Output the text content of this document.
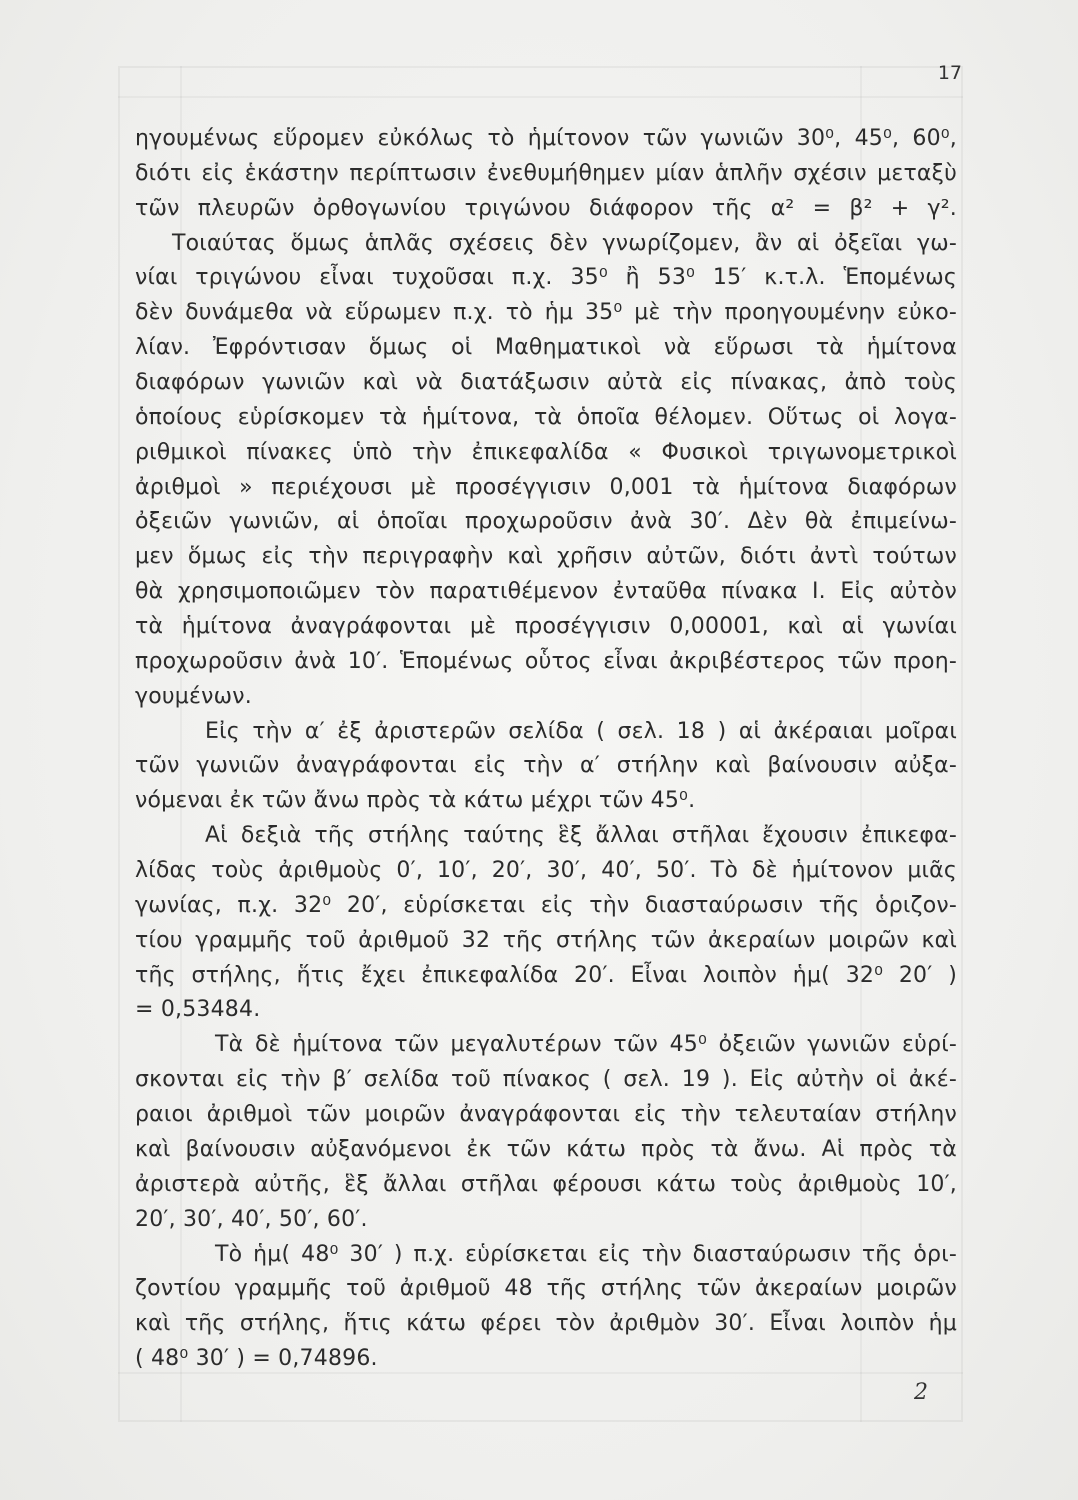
17
ηγουμένως εὕρομεν εὐκόλως τὸ ἡμίτονον τῶν γωνιῶν 30⁰, 45⁰, 60⁰,
διότι εἰς ἑκάστην περίπτωσιν ἐνεθυμήθημεν μίαν ἁπλῆν σχέσιν μεταξὺ
τῶν πλευρῶν ὀρθογωνίου τριγώνου διάφορον τῆς α² = β² + γ².
Τοιαύτας ὅμως ἁπλᾶς σχέσεις δὲν γνωρίζομεν, ἂν αἱ ὀξεῖαι γω-
νίαι τριγώνου εἶναι τυχοῦσαι π.χ. 35⁰ ἢ 53⁰ 15′ κ.τ.λ. Ἑπομένως
δὲν δυνάμεθα νὰ εὕρωμεν π.χ. τὸ ἡμ 35⁰ μὲ τὴν προηγουμένην εὐκο-
λίαν. Ἐφρόντισαν ὅμως οἱ Μαθηματικοὶ νὰ εὕρωσι τὰ ἡμίτονα
διαφόρων γωνιῶν καὶ νὰ διατάξωσιν αὐτὰ εἰς πίνακας, ἀπὸ τοὺς
ὁποίους εὑρίσκομεν τὰ ἡμίτονα, τὰ ὁποῖα θέλομεν. Οὕτως οἱ λογα-
ριθμικοὶ πίνακες ὑπὸ τὴν ἐπικεφαλίδα « Φυσικοὶ τριγωνομετρικοὶ
ἀριθμοὶ » περιέχουσι μὲ προσέγγισιν 0,001 τὰ ἡμίτονα διαφόρων
ὀξειῶν γωνιῶν, αἱ ὁποῖαι προχωροῦσιν ἀνὰ 30′. Δὲν θὰ ἐπιμείνω-
μεν ὅμως εἰς τὴν περιγραφὴν καὶ χρῆσιν αὐτῶν, διότι ἀντὶ τούτων
θὰ χρησιμοποιῶμεν τὸν παρατιθέμενον ἐνταῦθα πίνακα I. Εἰς αὐτὸν
τὰ ἡμίτονα ἀναγράφονται μὲ προσέγγισιν 0,00001, καὶ αἱ γωνίαι
προχωροῦσιν ἀνὰ 10′. Ἑπομένως οὗτος εἶναι ἀκριβέστερος τῶν προη-
γουμένων.
Εἰς τὴν α′ ἐξ ἀριστερῶν σελίδα ( σελ. 18 ) αἱ ἀκέραιαι μοῖραι
τῶν γωνιῶν ἀναγράφονται εἰς τὴν α′ στήλην καὶ βαίνουσιν αὐξα-
νόμεναι ἐκ τῶν ἄνω πρὸς τὰ κάτω μέχρι τῶν 45⁰.
Αἱ δεξιὰ τῆς στήλης ταύτης ἓξ ἄλλαι στῆλαι ἔχουσιν ἐπικεφα-
λίδας τοὺς ἀριθμοὺς 0′, 10′, 20′, 30′, 40′, 50′. Τὸ δὲ ἡμίτονον μιᾶς
γωνίας, π.χ. 32⁰ 20′, εὑρίσκεται εἰς τὴν διασταύρωσιν τῆς ὁριζον-
τίου γραμμῆς τοῦ ἀριθμοῦ 32 τῆς στήλης τῶν ἀκεραίων μοιρῶν καὶ
τῆς στήλης, ἥτις ἔχει ἐπικεφαλίδα 20′. Εἶναι λοιπὸν ἡμ( 32⁰ 20′ )
= 0,53484.
Τὰ δὲ ἡμίτονα τῶν μεγαλυτέρων τῶν 45⁰ ὀξειῶν γωνιῶν εὑρί-
σκονται εἰς τὴν β′ σελίδα τοῦ πίνακος ( σελ. 19 ). Εἰς αὐτὴν οἱ ἀκέ-
ραιοι ἀριθμοὶ τῶν μοιρῶν ἀναγράφονται εἰς τὴν τελευταίαν στήλην
καὶ βαίνουσιν αὐξανόμενοι ἐκ τῶν κάτω πρὸς τὰ ἄνω. Αἱ πρὸς τὰ
ἀριστερὰ αὐτῆς, ἓξ ἄλλαι στῆλαι φέρουσι κάτω τοὺς ἀριθμοὺς 10′,
20′, 30′, 40′, 50′, 60′.
Τὸ ἡμ( 48⁰ 30′ ) π.χ. εὑρίσκεται εἰς τὴν διασταύρωσιν τῆς ὁρι-
ζοντίου γραμμῆς τοῦ ἀριθμοῦ 48 τῆς στήλης τῶν ἀκεραίων μοιρῶν
καὶ τῆς στήλης, ἥτις κάτω φέρει τὸν ἀριθμὸν 30′. Εἶναι λοιπὸν ἡμ
( 48⁰ 30′ ) = 0,74896.
2
